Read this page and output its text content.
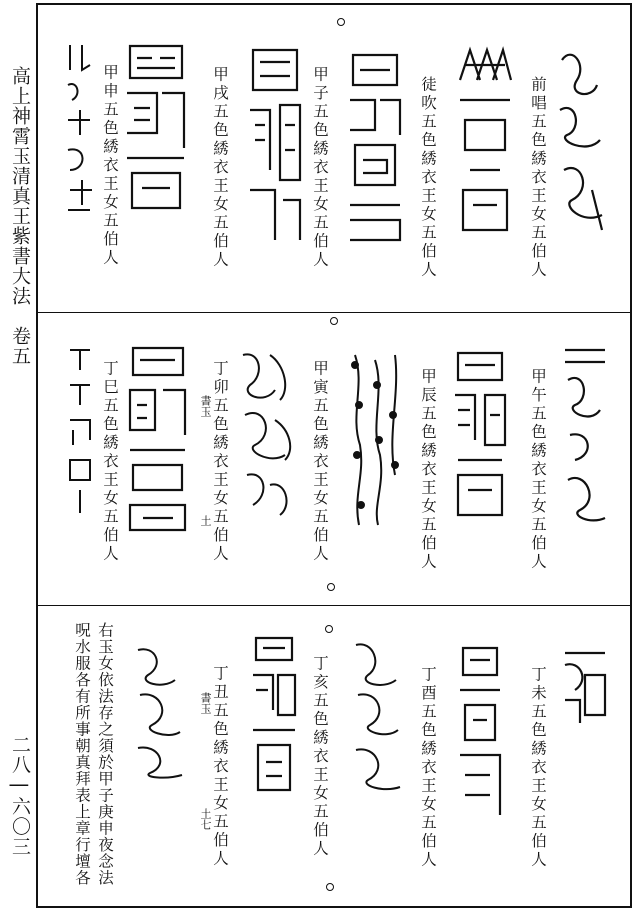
高上神霄玉清真王紫書大法　卷五
二八 | 六〇三
前唱五色綉衣王女五伯人
徒吹五色綉衣王女五伯人
甲子五色綉衣王女五伯人
甲戌五色綉衣王女五伯人
甲申五色綉衣王女五伯人
甲午五色綉衣王女五伯人
甲辰五色綉衣王女五伯人
甲寅五色綉衣王女五伯人
丁卯五色綉衣王女五伯人
書玉
土
丁巳五色綉衣王女五伯人
丁未五色綉衣王女五伯人
丁酉五色綉衣王女五伯人
丁亥五色綉衣王女五伯人
丁丑五色綉衣王女五伯人
書玉
土七
右玉女依法存之須於甲子庚申夜念法
呪水服各有所事朝真拜表上章行壇各
